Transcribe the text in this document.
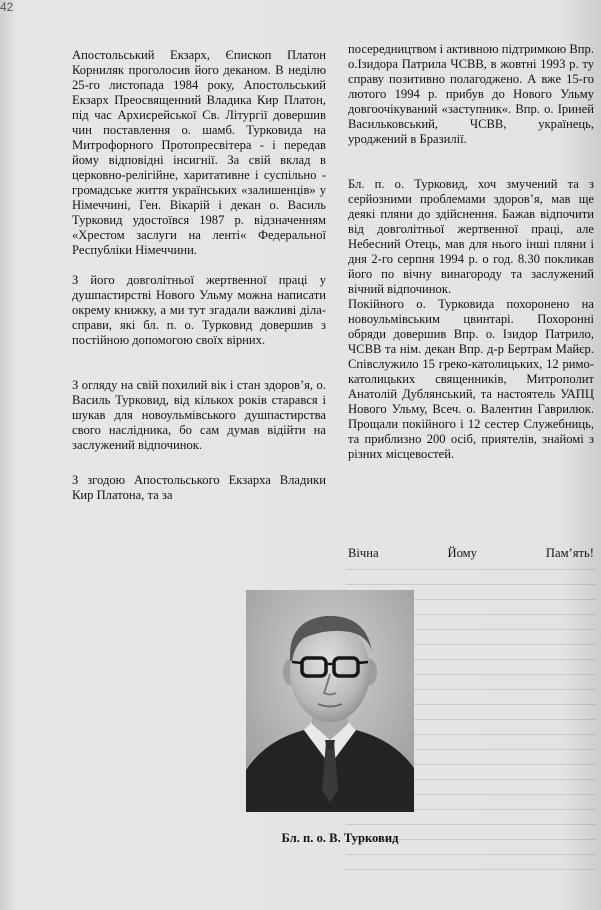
42

Апостольський Екзарх, Єпископ Платон Корниляк проголосив його деканом. В неділю 25-го листопада 1984 року, Апостольський Екзарх Преосвященний Владика Кир Платон, під час Архиєрейської Св. Літургії довершив чин поставлення о. шамб. Турковида на Митрофорного Протопресвітера - і передав йому відповідні інсигнії. За свій вклад в церковно-релігійне, харитативне і суспільно - громадське життя українських «залишенців» у Німеччині, Ген. Вікарій і декан о. Василь Турковид удостоївся 1987 р. відзначенням «Хрестом заслуги на ленті« Федеральної Республіки Німеччини.

З його довголітньої жертвенної праці у душпастирстві Нового Ульму можна написати окрему книжку, а ми тут згадали важливі діла-справи, які бл. п. о. Турковид довершив з постійною допомогою своїх вірних.

З огляду на свій похилий вік і стан здоров’я, о. Василь Турковид, від кількох років старався і шукав для новоульмівського душпастирства свого наслідника, бо сам думав відійти на заслужений відпочинок.

З згодою Апостольського Екзарха Владики Кир Платона, та за

посередництвом і активною підтримкою Впр. о.Ізидора Патрила ЧСВВ, в жовтні 1993 р. ту справу позитивно полагоджено. А вже 15-го лютого 1994 р. прибув до Нового Ульму довгоочікуваний «заступник«. Впр. о. Іриней Васильковський, ЧСВВ, українець, уроджений в Бразилії.

Бл. п. о. Турковид, хоч змучений та з серйозними проблемами здоров’я, мав ще деякі пляни до здійснення. Бажав відпочити від довголітньої жертвенної праці, але Небесний Отець, мав для нього інші пляни і дня 2-го серпня 1994 р. о год. 8.30 покликав його по вічну винагороду та заслужений вічний відпочинок.

Покійного о. Турковида похоронено на новоульмівським цвинтарі. Похоронні обряди довершив Впр. о. Ізидор Патрило, ЧСВВ та нім. декан Впр. д-р Бертрам Майєр. Співслужило 15 греко-католицьких, 12 римо-католицьких священників, Митрополит Анатолій Дублянський, та настоятель УАПЦ Нового Ульму, Всеч. о. Валентин Гаврилюк. Прощали покійного і 12 сестер Служебниць, та приблизно 200 осіб, приятелів, знайомі з різних місцевостей.

Вічна	Йому	Пам’ять!
Бл. п. о. В. Турковид
